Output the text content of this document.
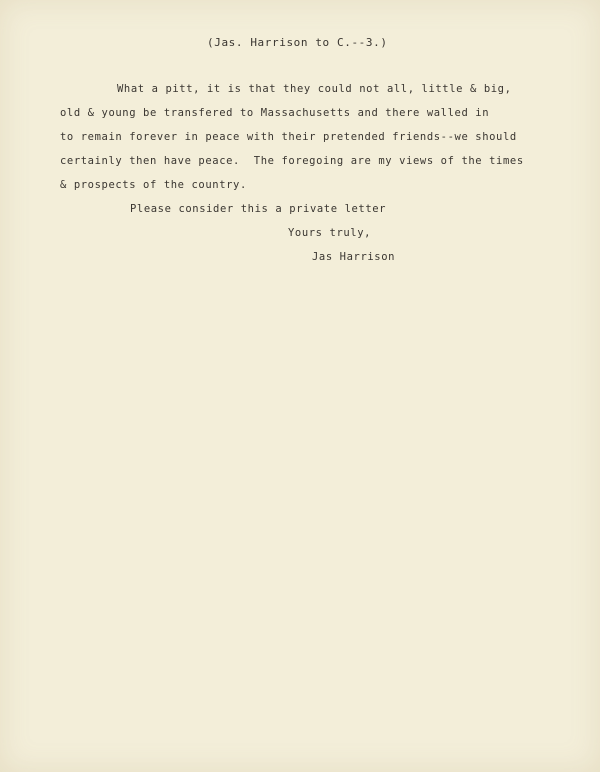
(Jas. Harrison to C.--3.)
What a pitt, it is that they could not all, little & big,
old & young be transfered to Massachusetts and there walled in
to remain forever in peace with their pretended friends--we should
certainly then have peace.  The foregoing are my views of the times
& prospects of the country.
Please consider this a private letter
Yours truly,
Jas Harrison
